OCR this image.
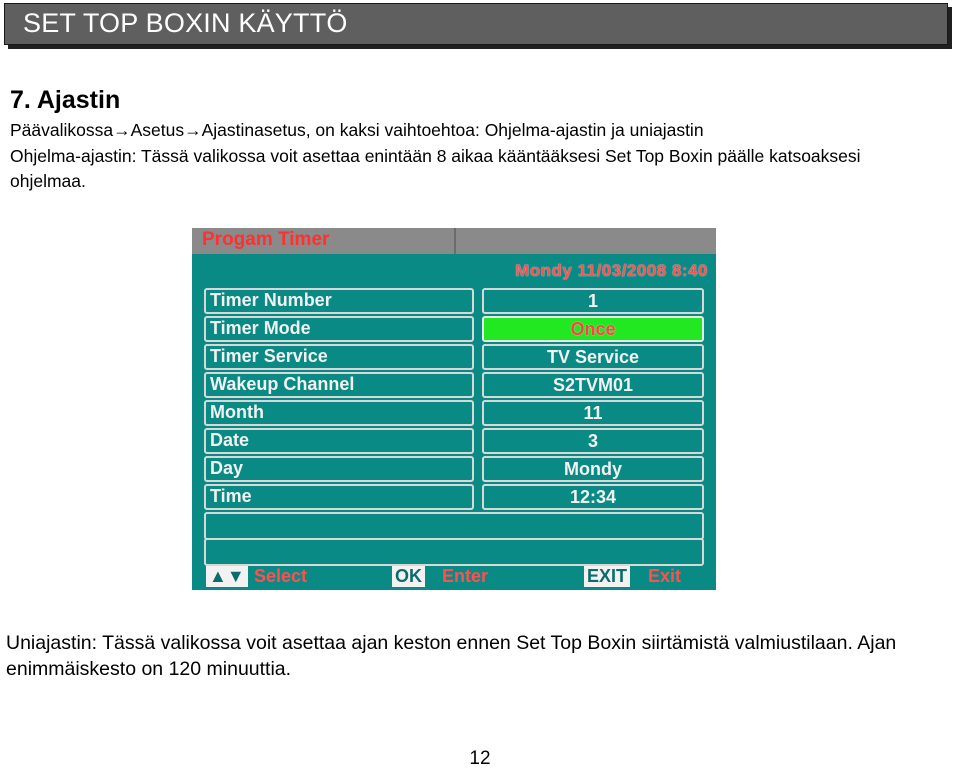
SET TOP BOXIN KÄYTTÖ
7. Ajastin
Päävalikossa→Asetus→Ajastinasetus, on kaksi vaihtoehtoa: Ohjelma-ajastin ja uniajastin
Ohjelma-ajastin: Tässä valikossa voit asettaa enintään 8 aikaa kääntääksesi Set Top Boxin päälle katsoaksesi ohjelmaa.
Progam Timer
Mondy 11/03/2008 8:40
Timer Number	1
Timer Mode	Once
Timer Service	TV Service
Wakeup Channel	S2TVM01
Month	11
Date	3
Day	Mondy
Time	12:34
▲▼ Select	OK Enter	EXIT Exit
Uniajastin: Tässä valikossa voit asettaa ajan keston ennen Set Top Boxin siirtämistä valmiustilaan. Ajan enimmäiskesto on 120 minuuttia.
12
